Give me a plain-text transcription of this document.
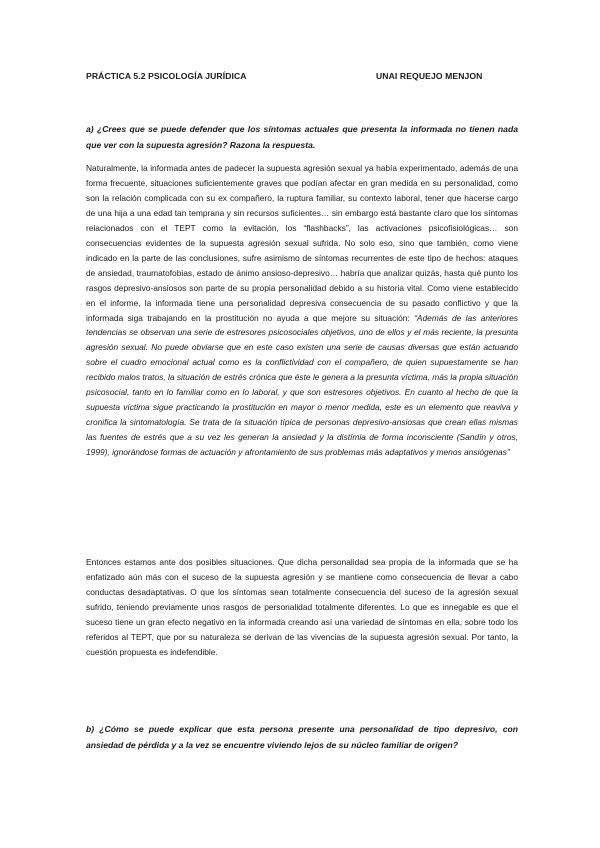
PRÁCTICA 5.2 PSICOLOGÍA JURÍDICA	UNAI REQUEJO MENJON
a) ¿Crees que se puede defender que los síntomas actuales que presenta la informada no tienen nada que ver con la supuesta agresión? Razona la respuesta.

Naturalmente, la informada antes de padecer la supuesta agresión sexual ya había experimentado, además de una forma frecuente, situaciones suficientemente graves que podían afectar en gran medida en su personalidad, como son la relación complicada con su ex compañero, la ruptura familiar, su contexto laboral, tener que hacerse cargo de una hija a una edad tan temprana y sin recursos suficientes… sin embargo está bastante claro que los síntomas relacionados con el TEPT como la evitación, los “flashbacks”, las activaciones psicofisiológicas… son consecuencias evidentes de la supuesta agresión sexual sufrida. No solo eso, sino que también, como viene indicado en la parte de las conclusiones, sufre asimismo de síntomas recurrentes de este tipo de hechos: ataques de ansiedad, traumatofobias, estado de ánimo ansioso-depresivo… habría que analizar quizás, hasta qué punto los rasgos depresivo-ansiosos son parte de su propia personalidad debido a su historia vital. Como viene establecido en el informe, la informada tiene una personalidad depresiva consecuencia de su pasado conflictivo y que la informada siga trabajando en la prostitución no ayuda a que mejore su situación: “Además de las anteriores tendencias se observan una serie de estresores psicosociales objetivos, uno de ellos y el más reciente, la presunta agresión sexual. No puede obviarse que en este caso existen una serie de causas diversas que están actuando sobre el cuadro emocional actual como es la conflictividad con el compañero, de quien supuestamente se han recibido malos tratos, la situación de estrés crónica que éste le genera a la presunta víctima, más la propia situación psicosocial, tanto en lo familiar como en lo laboral, y que son estresores objetivos. En cuanto al hecho de que la supuesta víctima sigue practicando la prostitución en mayor o menor medida, este es un elemento que reaviva y cronifica la sintomatología. Se trata de la situación típica de personas depresivo-ansiosas que crean ellas mismas las fuentes de estrés que a su vez les generan la ansiedad y la distímia de forma inconsciente (Sandín y otros, 1999), ignorándose formas de actuación y afrontamiento de sus problemas más adaptativos y menos ansiógenas”

Entonces estamos ante dos posibles situaciones. Que dicha personalidad sea propia de la informada que se ha enfatizado aún más con el suceso de la supuesta agresión y se mantiene como consecuencia de llevar a cabo conductas desadaptativas. O que los síntomas sean totalmente consecuencia del suceso de la agresión sexual sufrido, teniendo previamente unos rasgos de personalidad totalmente diferentes. Lo que es innegable es que el suceso tiene un gran efecto negativo en la informada creando así una variedad de síntomas en ella, sobre todo los referidos al TEPT, que por su naturaleza se derivan de las vivencias de la supuesta agresión sexual. Por tanto, la cuestión propuesta es indefendible.

b) ¿Cómo se puede explicar que esta persona presente una personalidad de tipo depresivo, con ansiedad de pérdida y a la vez se encuentre viviendo lejos de su núcleo familiar de origen?
